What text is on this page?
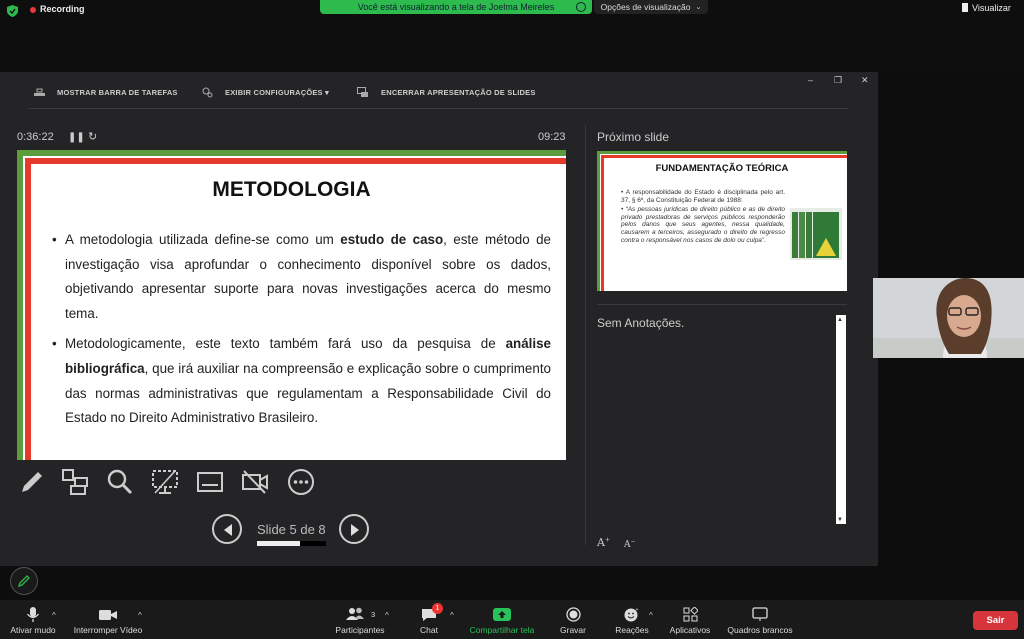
Recording	Você está visualizando a tela de Joelma Meireles	Opções de visualização ⌄	Visualizar
– ❐ ✕
MOSTRAR BARRA DE TAREFAS	EXIBIR CONFIGURAÇÕES ▾	ENCERRAR APRESENTAÇÃO DE SLIDES
0:36:22 ❚❚ ↻	09:23
METODOLOGIA

• A metodologia utilizada define-se como um estudo de caso, este método de investigação visa aprofundar o conhecimento disponível sobre os dados, objetivando apresentar suporte para novas investigações acerca do mesmo tema.

• Metodologicamente, este texto também fará uso da pesquisa de análise bibliográfica, que irá auxiliar na compreensão e explicação sobre o cumprimento das normas administrativas que regulamentam a Responsabilidade Civil do Estado no Direito Administrativo Brasileiro.

Slide 5 de 8
Próximo slide
FUNDAMENTAÇÃO TEÓRICA

• A responsabilidade do Estado é disciplinada pelo art. 37, § 6º, da Constituição Federal de 1988:

• “As pessoas jurídicas de direito público e as de direito privado prestadoras de serviços públicos responderão pelos danos que seus agentes, nessa qualidade, causarem a terceiros, assegurado o direito de regresso contra o responsável nos casos de dolo ou culpa”.

Sem Anotações.	▲
▼
A+
A−
Ativar mudo
^
Interromper Vídeo
^
Participantes
3 ^
Chat
1
^
Compartilhar tela	Gravar
+
Reações
^
Aplicativos	Quadros brancos
Sair
